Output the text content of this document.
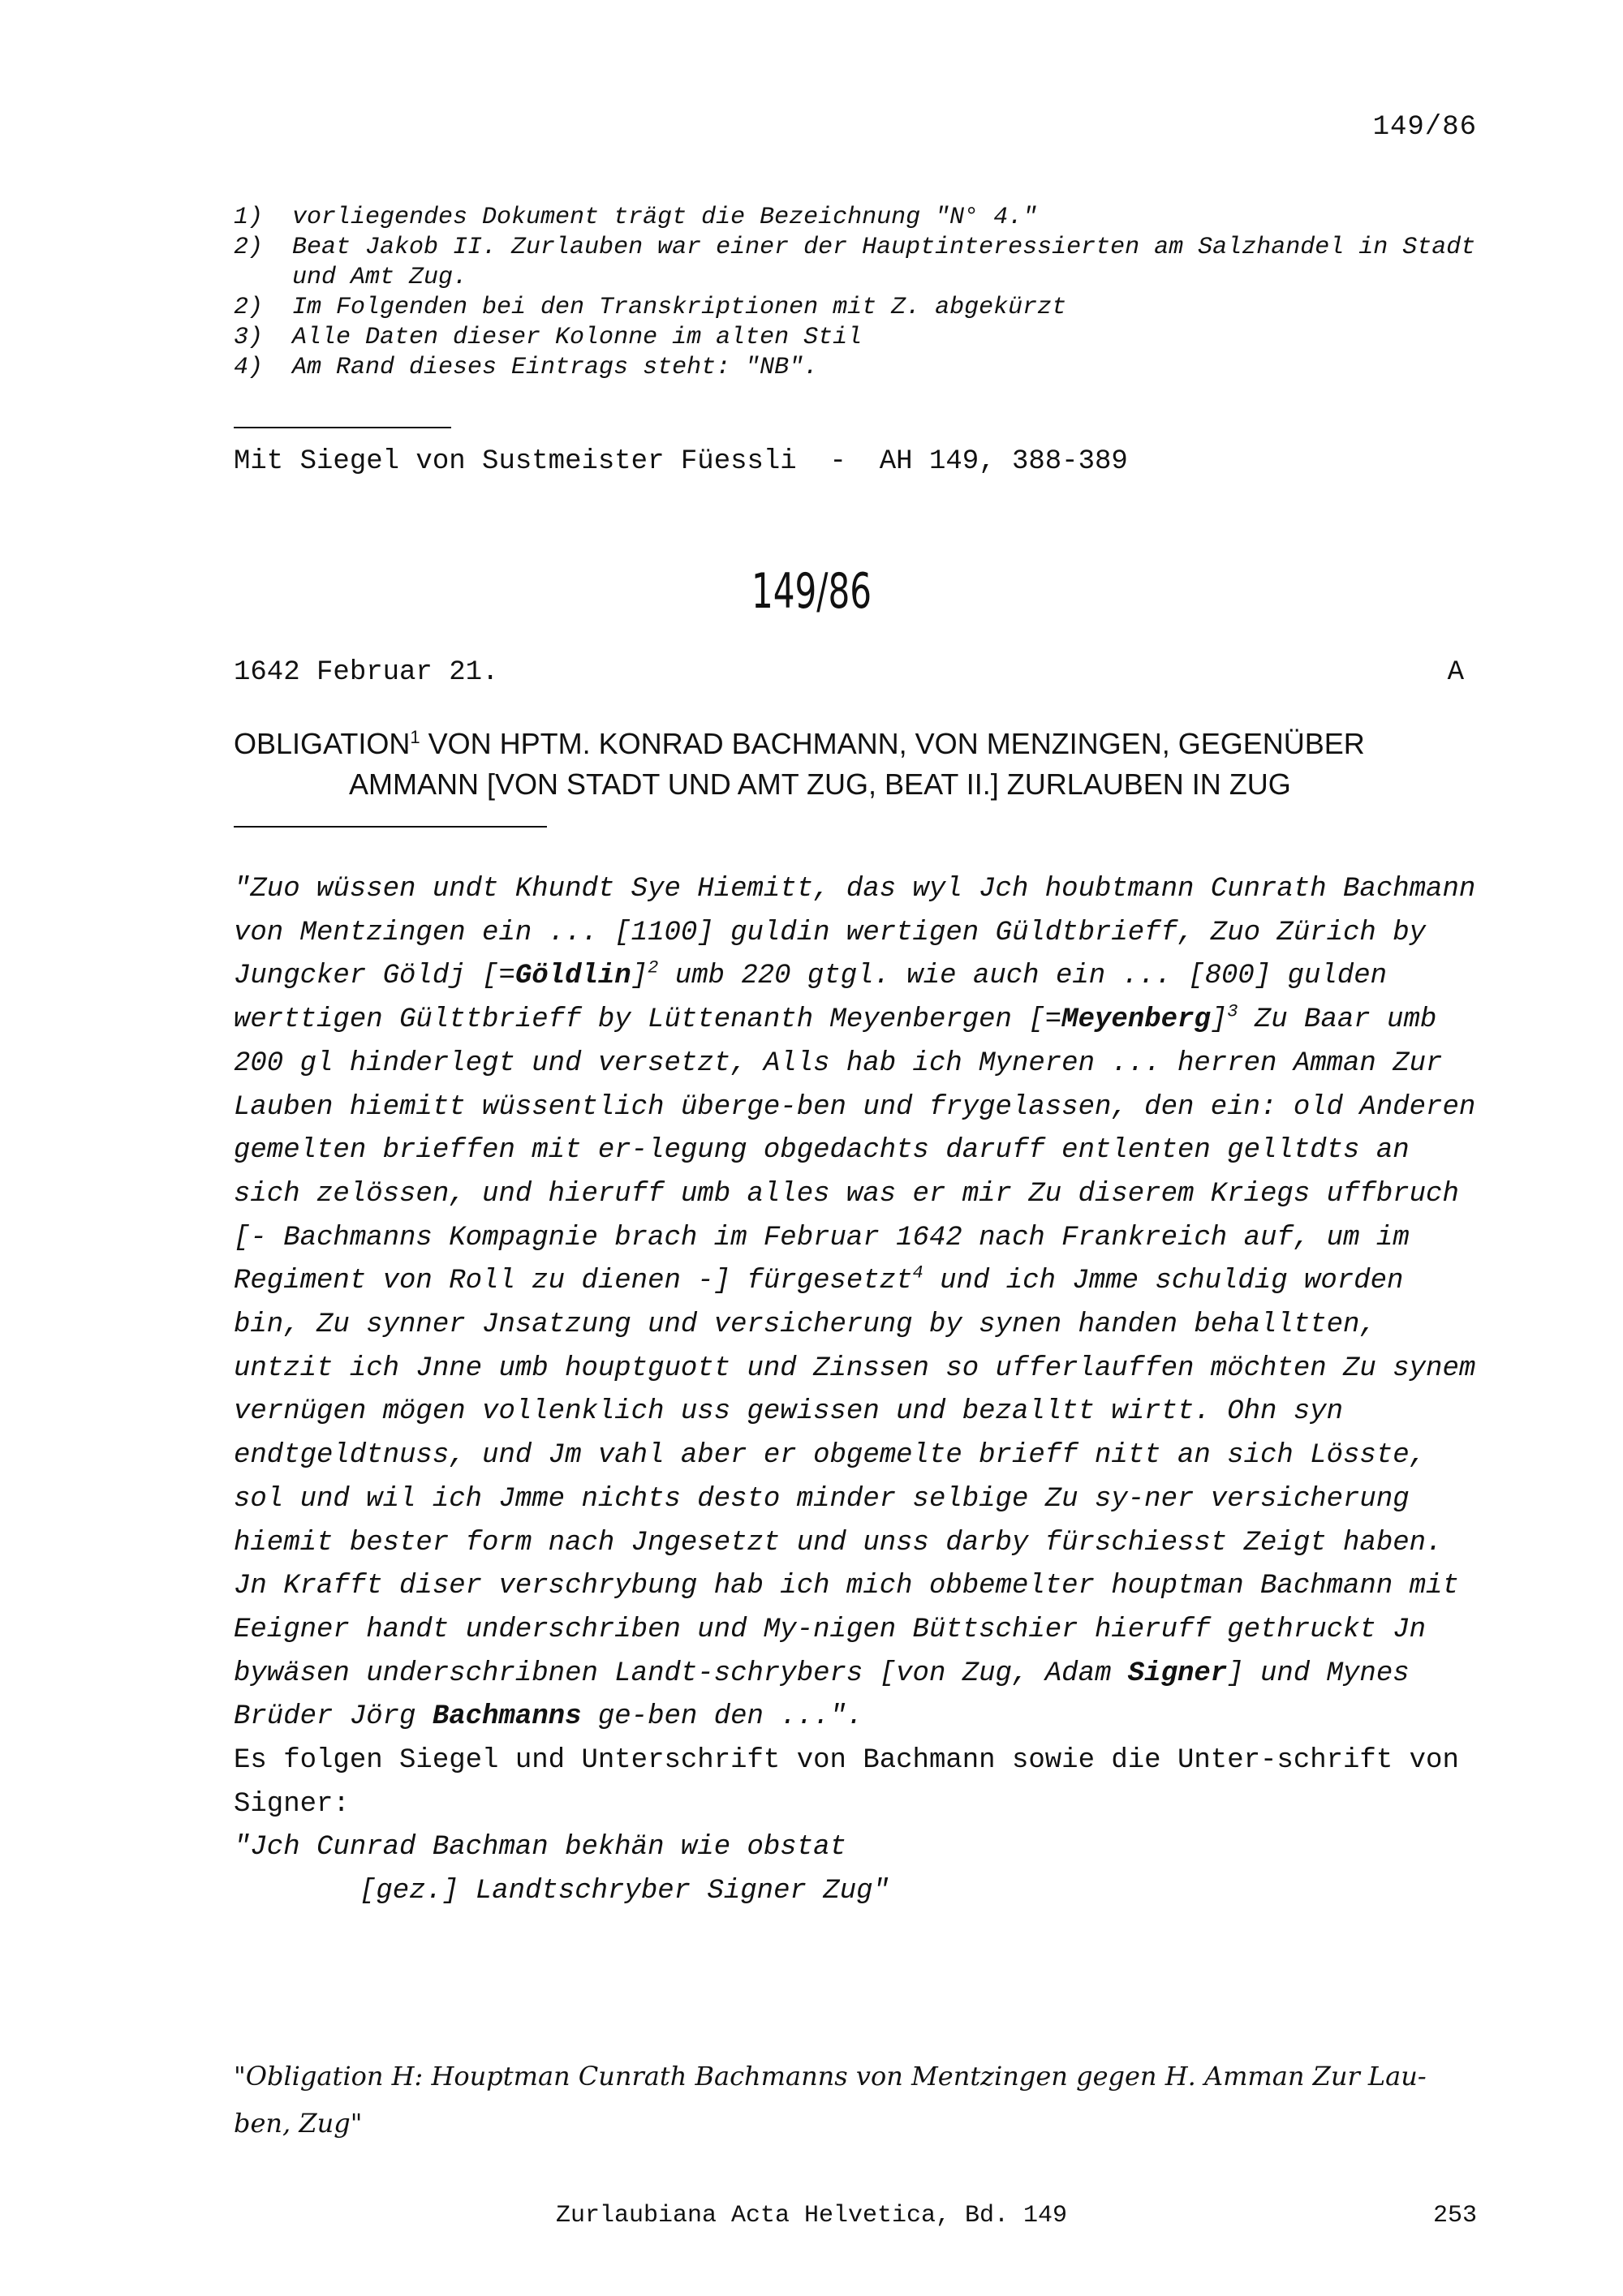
149/86
1)	vorliegendes Dokument trägt die Bezeichnung "N° 4."
2)	Beat Jakob II. Zurlauben war einer der Hauptinteressierten am Salzhandel in Stadt und Amt Zug.
2)	Im Folgenden bei den Transkriptionen mit Z. abgekürzt
3)	Alle Daten dieser Kolonne im alten Stil
4)	Am Rand dieses Eintrags steht: "NB".
Mit Siegel von Sustmeister Füessli  -  AH 149, 388-389
149/86
1642 Februar 21.	A
OBLIGATION$^1$ VON HPTM. KONRAD BACHMANN, VON MENZINGEN, GEGENÜBER
AMMANN [VON STADT UND AMT ZUG, BEAT II.] ZURLAUBEN IN ZUG
"Zuo wüssen undt Khundt Sye Hiemitt, das wyl Jch houbtmann Cunrath Bachmann von Mentzingen ein ... [1100] guldin wertigen Güldtbrieff, Zuo Zürich by Jungcker Göldj [=Göldlin]$^2$ umb 220 gtgl. wie auch ein ... [800] gulden werttigen Gülttbrieff by Lüttenanth Meyenbergen [=Meyenberg]$^3$ Zu Baar umb 200 gl hinderlegt und versetzt, Alls hab ich Myneren ... herren Amman Zur Lauben hiemitt wüssentlich überge-ben und frygelassen, den ein: old Anderen gemelten brieffen mit er-legung obgedachts daruff entlenten gelltdts an sich zelössen, und hieruff umb alles was er mir Zu diserem Kriegs uffbruch [- Bachmanns Kompagnie brach im Februar 1642 nach Frankreich auf, um im Regiment von Roll zu dienen -] fürgesetzt$^4$ und ich Jmme schuldig worden bin, Zu synner Jnsatzung und versicherung by synen handen behalltten, untzit ich Jnne umb houptguott und Zinssen so ufferlauffen möchten Zu synem vernügen mögen vollenklich uss gewissen und bezalltt wirtt. Ohn syn endtgeldtnuss, und Jm vahl aber er obgemelte brieff nitt an sich Lösste, sol und wil ich Jmme nichts desto minder selbige Zu sy-ner versicherung hiemit bester form nach Jngesetzt und unss darby fürschiesst Zeigt haben. Jn Krafft diser verschrybung hab ich mich obbemelter houptman Bachmann mit Eeigner handt underschriben und My-nigen Büttschier hieruff gethruckt Jn bywäsen underschribnen Landt-schrybers [von Zug, Adam Signer] und Mynes Brüder Jörg Bachmanns ge-ben den ...".
Es folgen Siegel und Unterschrift von Bachmann sowie die Unter-schrift von Signer:
"Jch Cunrad Bachman bekhän wie obstat
[gez.] Landtschryber Signer Zug"
"Obligation H: Houptman Cunrath Bachmanns von Mentzingen gegen H. Amman Zur Lau-ben, Zug"
Zurlaubiana Acta Helvetica, Bd. 149	253
